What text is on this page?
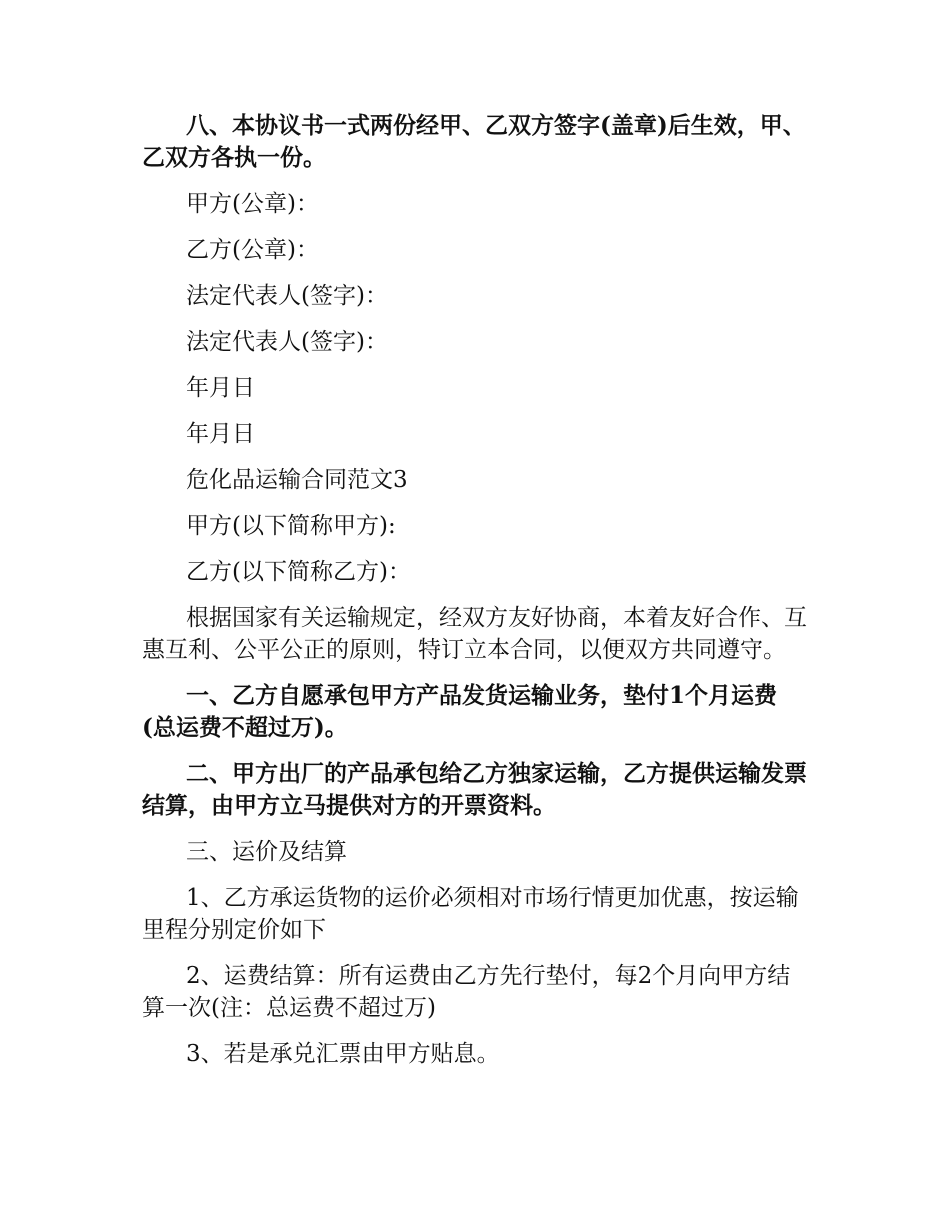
八、本协议书一式两份经甲、乙双方签字(盖章)后生效，甲、乙双方各执一份。

甲方(公章)：

乙方(公章)：

法定代表人(签字)：

法定代表人(签字)：

年月日

年月日

危化品运输合同范文3

甲方(以下简称甲方):

乙方(以下简称乙方)：

根据国家有关运输规定，经双方友好协商，本着友好合作、互惠互利、公平公正的原则，特订立本合同，以便双方共同遵守。

一、乙方自愿承包甲方产品发货运输业务，垫付1个月运费(总运费不超过万)。

二、甲方出厂的产品承包给乙方独家运输，乙方提供运输发票结算，由甲方立马提供对方的开票资料。

三、运价及结算

1、乙方承运货物的运价必须相对市场行情更加优惠，按运输里程分别定价如下

2、运费结算：所有运费由乙方先行垫付，每2个月向甲方结算一次(注：总运费不超过万)

3、若是承兑汇票由甲方贴息。
